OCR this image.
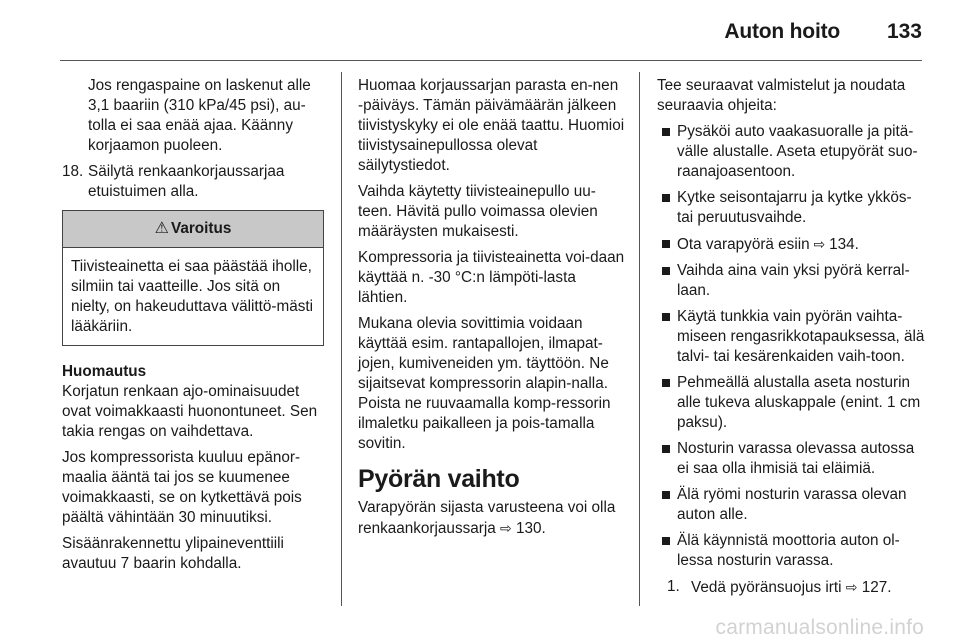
Auton hoito 133

Jos rengaspaine on laskenut alle 3,1 baariin (310 kPa/45 psi), au-tolla ei saa enää ajaa. Käänny korjaamon puoleen.

18. Säilytä renkaankorjaussarjaa etuistuimen alla.
⚠ Varoitus
Tiivisteainetta ei saa päästää iholle, silmiin tai vaatteille. Jos sitä on nielty, on hakeuduttava välittö-mästi lääkäriin.
Huomautus

Korjatun renkaan ajo-ominaisuudet ovat voimakkaasti huonontuneet. Sen takia rengas on vaihdettava.

Jos kompressorista kuuluu epänor-maalia ääntä tai jos se kuumenee voimakkaasti, se on kytkettävä pois päältä vähintään 30 minuutiksi.

Sisäänrakennettu ylipaineventtiili avautuu 7 baarin kohdalla.

Huomaa korjaussarjan parasta en-nen -päiväys. Tämän päivämäärän jälkeen tiivistyskyky ei ole enää taattu. Huomioi tiivistysainepullossa olevat säilytystiedot.

Vaihda käytetty tiivisteainepullo uu-teen. Hävitä pullo voimassa olevien määräysten mukaisesti.

Kompressoria ja tiivisteainetta voi-daan käyttää n. -30 °C:n lämpöti-lasta lähtien.

Mukana olevia sovittimia voidaan käyttää esim. rantapallojen, ilmapat-jojen, kumiveneiden ym. täyttöön. Ne sijaitsevat kompressorin alapin-nalla. Poista ne ruuvaamalla komp-ressorin ilmaletku paikalleen ja pois-tamalla sovitin.

Pyörän vaihto

Varapyörän sijasta varusteena voi olla renkaankorjaussarja ⇨ 130.

Tee seuraavat valmistelut ja noudata seuraavia ohjeita:

Pysäköi auto vaakasuoralle ja pitä-välle alustalle. Aseta etupyörät suo-raanajoasentoon.
Kytke seisontajarru ja kytke ykkös-tai peruutusvaihde.
Ota varapyörä esiin ⇨ 134.
Vaihda aina vain yksi pyörä kerral-laan.
Käytä tunkkia vain pyörän vaihta-miseen rengasrikkotapauksessa, älä talvi- tai kesärenkaiden vaih-toon.
Pehmeällä alustalla aseta nosturin alle tukeva aluskappale (enint. 1 cm paksu).
Nosturin varassa olevassa autossa ei saa olla ihmisiä tai eläimiä.
Älä ryömi nosturin varassa olevan auton alle.
Älä käynnistä moottoria auton ol-lessa nosturin varassa.
1. Vedä pyöränsuojus irti ⇨ 127.
carmanualsonline.info
